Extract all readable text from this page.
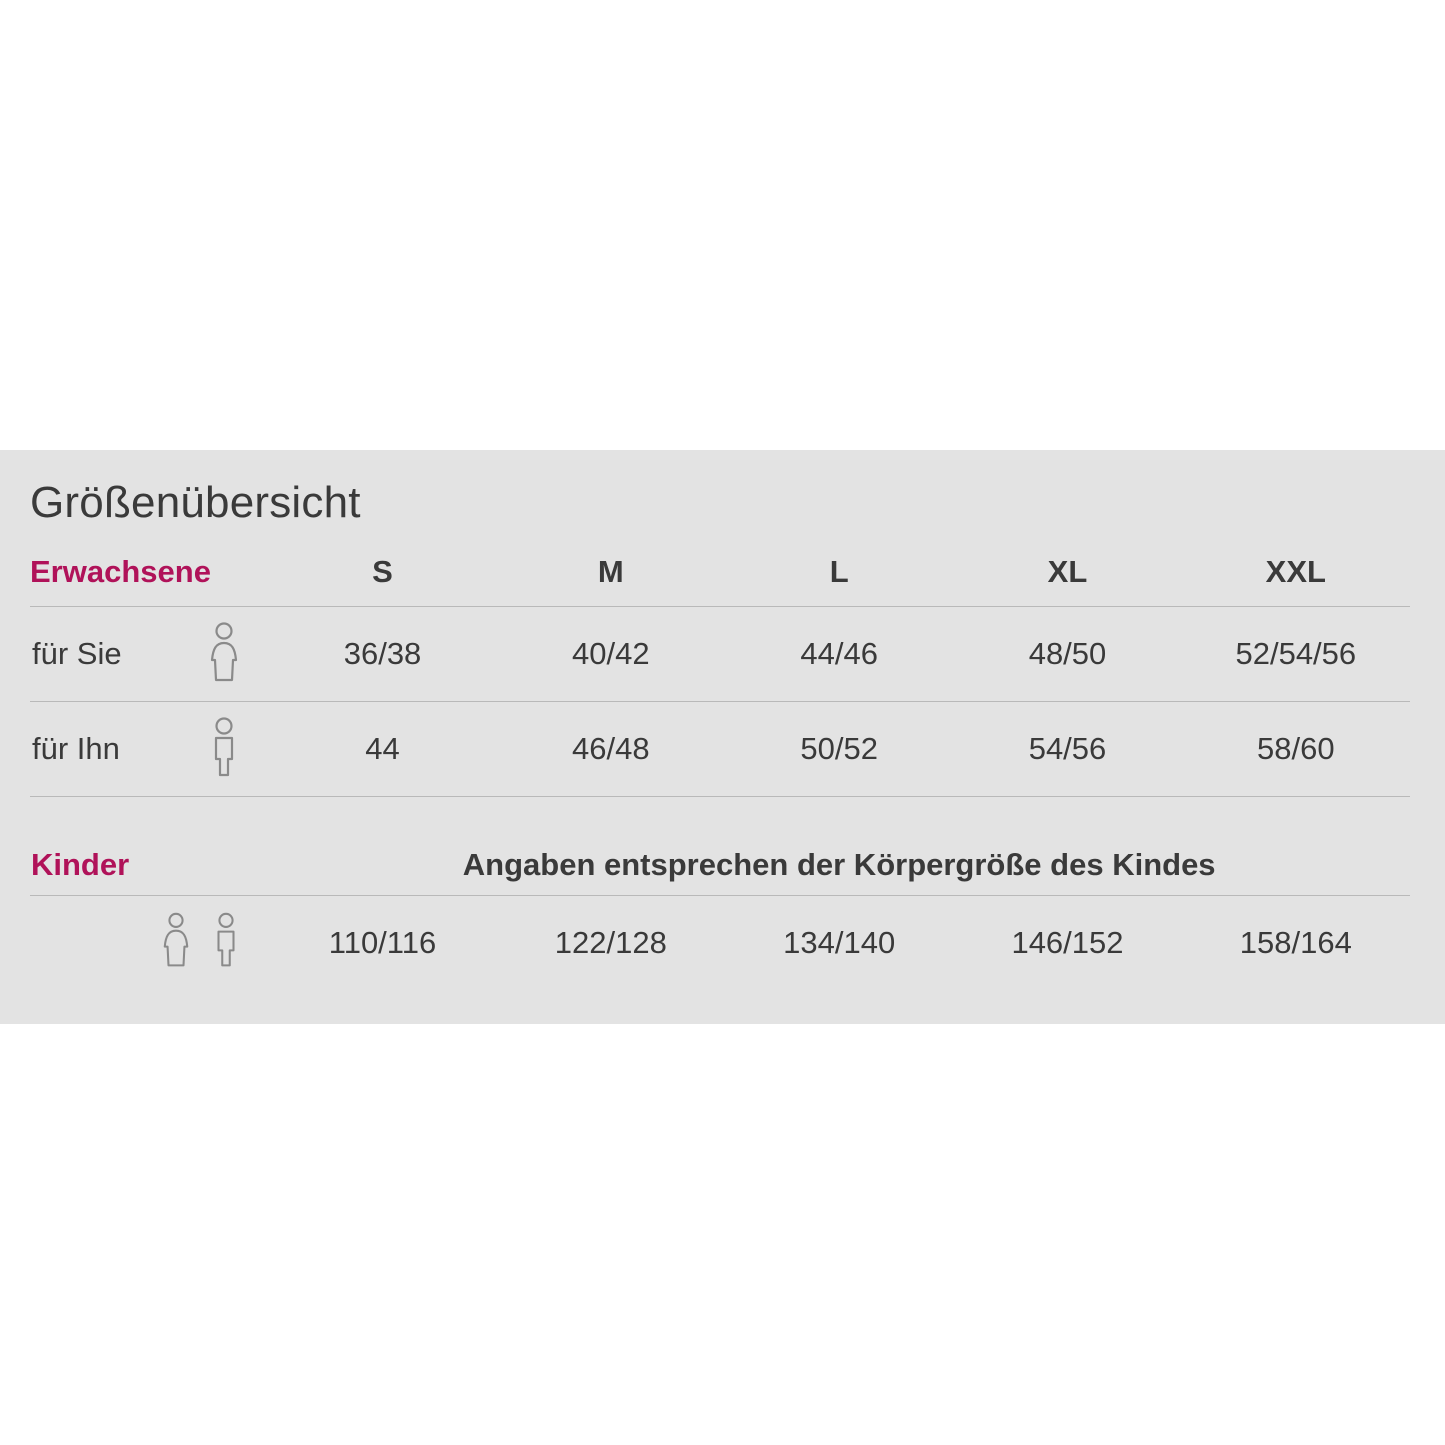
Größenübersicht
Erwachsene	S	M	L	XL	XXL

für Sie	36/38	40/42	44/46	48/50	52/54/56

für Ihn	44	46/48	50/52	54/56	58/60

Kinder	Angaben entsprechen der Körpergröße des Kindes				

	110/116	122/128	134/140	146/152	158/164
